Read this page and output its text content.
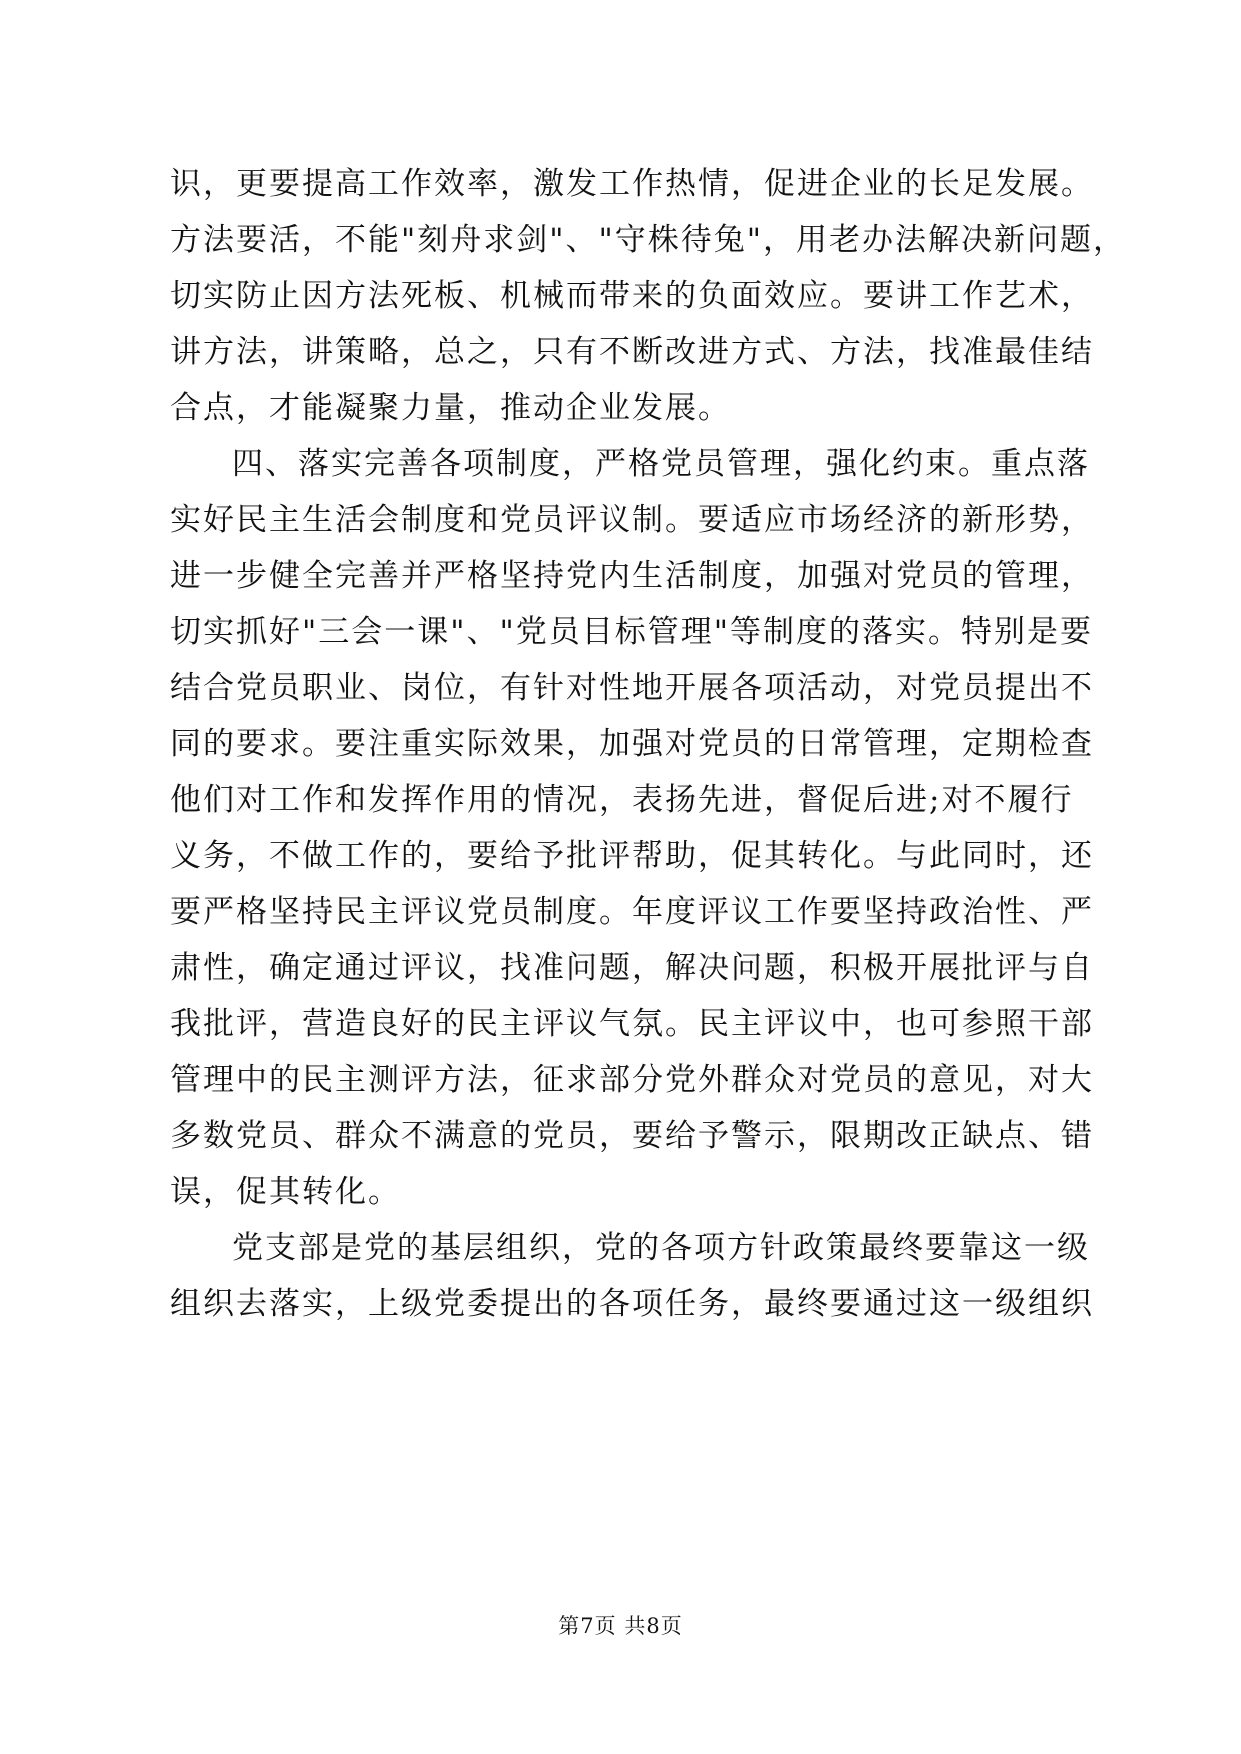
识，更要提高工作效率，激发工作热情，促进企业的长足发展。
方法要活，不能"刻舟求剑"、"守株待兔"，用老办法解决新问题，
切实防止因方法死板、机械而带来的负面效应。要讲工作艺术，
讲方法，讲策略，总之，只有不断改进方式、方法，找准最佳结
合点，才能凝聚力量，推动企业发展。
四、落实完善各项制度，严格党员管理，强化约束。重点落
实好民主生活会制度和党员评议制。要适应市场经济的新形势，
进一步健全完善并严格坚持党内生活制度，加强对党员的管理，
切实抓好"三会一课"、"党员目标管理"等制度的落实。特别是要
结合党员职业、岗位，有针对性地开展各项活动，对党员提出不
同的要求。要注重实际效果，加强对党员的日常管理，定期检查
他们对工作和发挥作用的情况，表扬先进，督促后进;对不履行
义务，不做工作的，要给予批评帮助，促其转化。与此同时，还
要严格坚持民主评议党员制度。年度评议工作要坚持政治性、严
肃性，确定通过评议，找准问题，解决问题，积极开展批评与自
我批评，营造良好的民主评议气氛。民主评议中，也可参照干部
管理中的民主测评方法，征求部分党外群众对党员的意见，对大
多数党员、群众不满意的党员，要给予警示，限期改正缺点、错
误，促其转化。
党支部是党的基层组织，党的各项方针政策最终要靠这一级
组织去落实，上级党委提出的各项任务，最终要通过这一级组织
第7页 共8页
